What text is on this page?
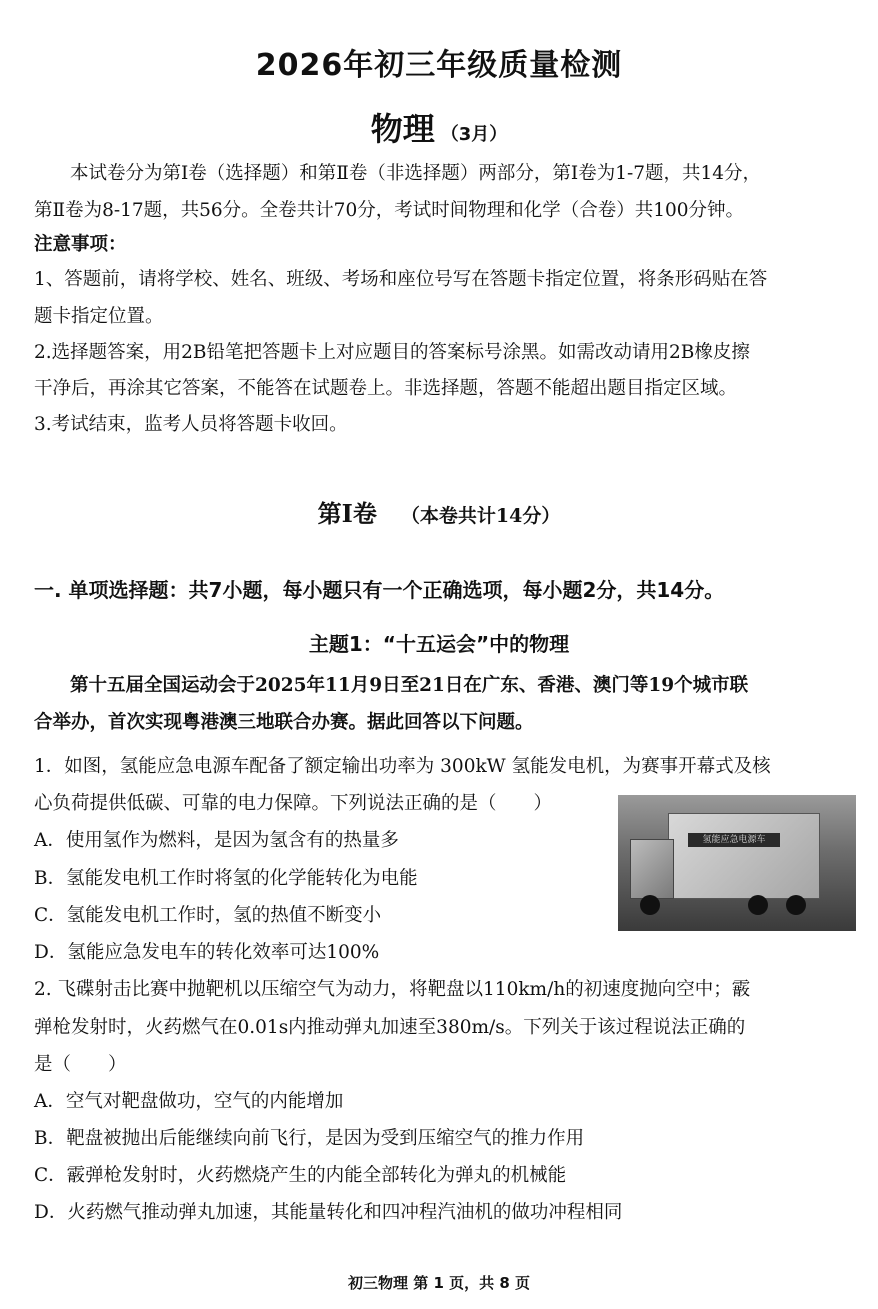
2026年初三年级质量检测
物理 （3月）
本试卷分为第Ⅰ卷（选择题）和第Ⅱ卷（非选择题）两部分，第Ⅰ卷为1-7题，共14分，
第Ⅱ卷为8-17题，共56分。全卷共计70分，考试时间物理和化学（合卷）共100分钟。
注意事项：
1、答题前，请将学校、姓名、班级、考场和座位号写在答题卡指定位置，将条形码贴在答
题卡指定位置。
2.选择题答案，用2B铅笔把答题卡上对应题目的答案标号涂黑。如需改动请用2B橡皮擦
干净后，再涂其它答案，不能答在试题卷上。非选择题，答题不能超出题目指定区域。
3.考试结束，监考人员将答题卡收回。
第Ⅰ卷 （本卷共计14分）
一. 单项选择题：共7小题，每小题只有一个正确选项，每小题2分，共14分。
主题1：“十五运会”中的物理
第十五届全国运动会于2025年11月9日至21日在广东、香港、澳门等19个城市联
合举办，首次实现粤港澳三地联合办赛。据此回答以下问题。
1．如图，氢能应急电源车配备了额定输出功率为 300kW 氢能发电机，为赛事开幕式及核
心负荷提供低碳、可靠的电力保障。下列说法正确的是（　　）
A．使用氢作为燃料，是因为氢含有的热量多
B．氢能发电机工作时将氢的化学能转化为电能
C．氢能发电机工作时，氢的热值不断变小
D．氢能应急发电车的转化效率可达100%
氢能应急电源车
2. 飞碟射击比赛中抛靶机以压缩空气为动力，将靶盘以110km/h的初速度抛向空中；霰
弹枪发射时，火药燃气在0.01s内推动弹丸加速至380m/s。下列关于该过程说法正确的
是（　　）
A．空气对靶盘做功，空气的内能增加
B．靶盘被抛出后能继续向前飞行，是因为受到压缩空气的推力作用
C．霰弹枪发射时，火药燃烧产生的内能全部转化为弹丸的机械能
D．火药燃气推动弹丸加速，其能量转化和四冲程汽油机的做功冲程相同
初三物理 第 1 页，共 8 页
